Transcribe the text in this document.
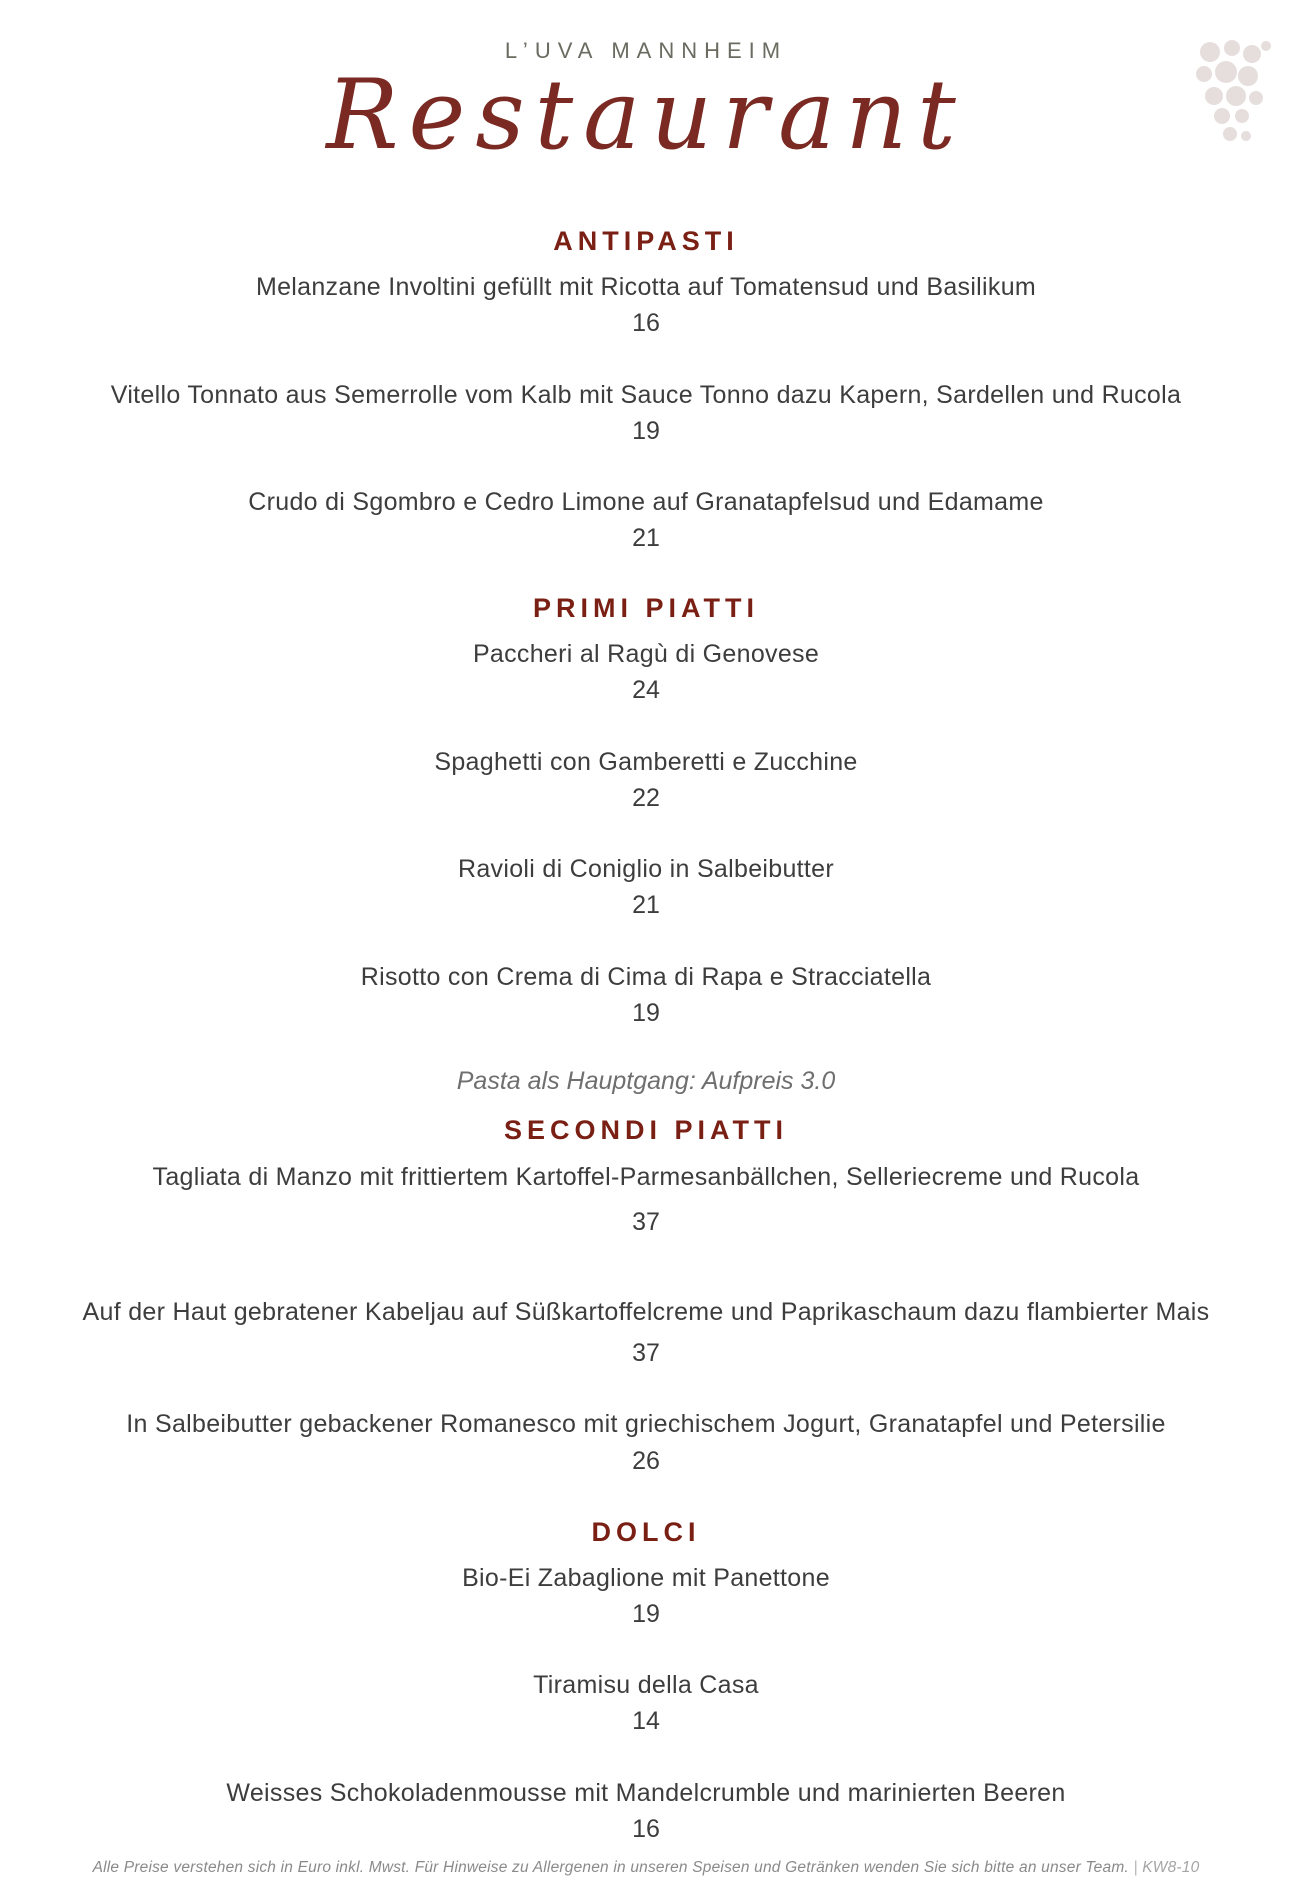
L’UVA MANNHEIM
Restaurant
ANTIPASTI
Melanzane Involtini gefüllt mit Ricotta auf Tomatensud und Basilikum
16
Vitello Tonnato aus Semerrolle vom Kalb mit Sauce Tonno dazu Kapern, Sardellen und Rucola
19
Crudo di Sgombro e Cedro Limone auf Granatapfelsud und Edamame
21
PRIMI PIATTI
Paccheri al Ragù di Genovese
24
Spaghetti con Gamberetti e Zucchine
22
Ravioli di Coniglio in Salbeibutter
21
Risotto con Crema di Cima di Rapa e Stracciatella
19
Pasta als Hauptgang: Aufpreis 3.0
SECONDI PIATTI
Tagliata di Manzo mit frittiertem Kartoffel-Parmesanbällchen, Selleriecreme und Rucola
37
Auf der Haut gebratener Kabeljau auf Süßkartoffelcreme und Paprikaschaum dazu flambierter Mais
37
In Salbeibutter gebackener Romanesco mit griechischem Jogurt, Granatapfel und Petersilie
26
DOLCI
Bio-Ei Zabaglione mit Panettone
19
Tiramisu della Casa
14
Weisses Schokoladenmousse mit Mandelcrumble und marinierten Beeren
16
Alle Preise verstehen sich in Euro inkl. Mwst. Für Hinweise zu Allergenen in unseren Speisen und Getränken wenden Sie sich bitte an unser Team. | KW8-10
